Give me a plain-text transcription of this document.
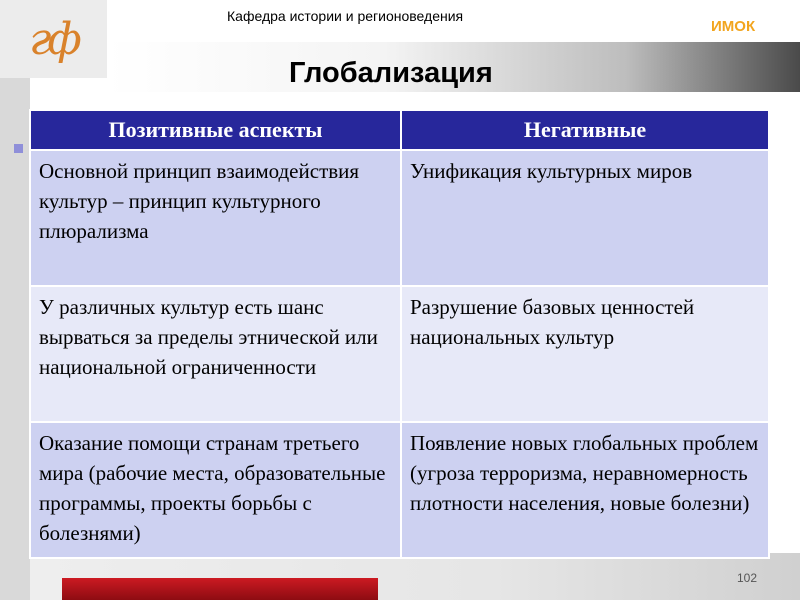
гф	Кафедра истории и регионоведения
ИМОК
Глобализация
Позитивные аспекты	Негативные
Основной принцип взаимодействия культур – принцип культурного плюрализма	Унификация культурных миров
У различных культур есть шанс вырваться за пределы этнической или национальной ограниченности	Разрушение базовых ценностей национальных культур
Оказание помощи странам третьего мира (рабочие места, образовательные программы, проекты борьбы с болезнями)	Появление новых глобальных проблем (угроза терроризма, неравномерность плотности населения, новые болезни)
102
